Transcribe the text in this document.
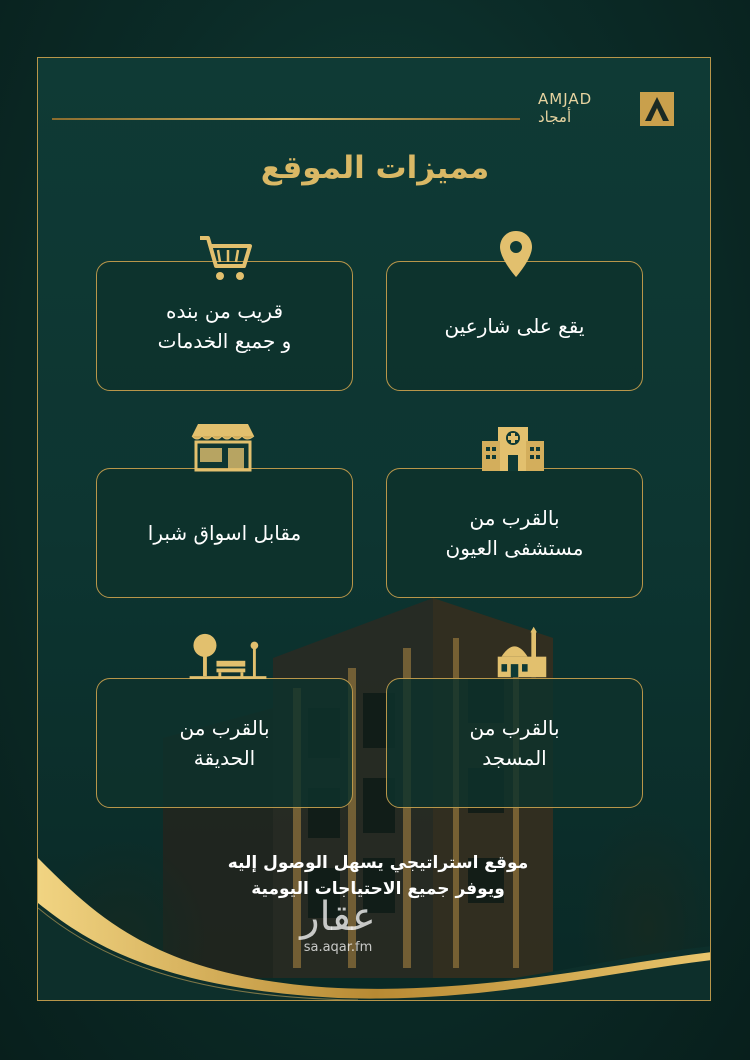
AMJAD
أمجاد
مميزات الموقع
يقع على شارعين
قريب من بنده
و جميع الخدمات
بالقرب من
مستشفى العيون
مقابل اسواق شبرا
بالقرب من
المسجد
بالقرب من
الحديقة
موقع استراتيجي يسهل الوصول إليه
ويوفر جميع الاحتياجات اليومية
عقار
sa.aqar.fm
